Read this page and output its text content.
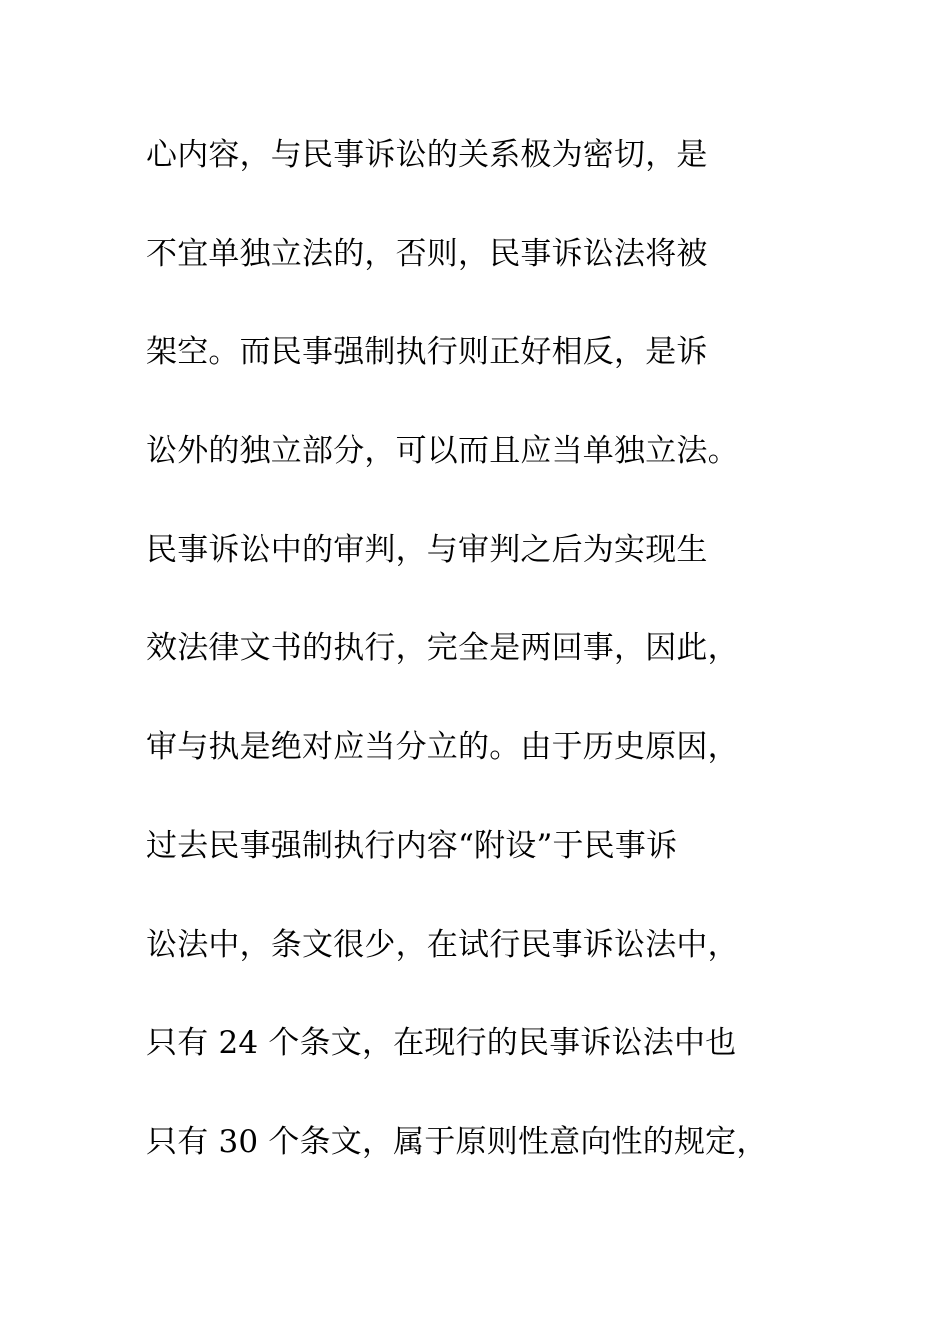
心内容，与民事诉讼的关系极为密切，是
不宜单独立法的，否则，民事诉讼法将被
架空。而民事强制执行则正好相反，是诉
讼外的独立部分，可以而且应当单独立法。
民事诉讼中的审判，与审判之后为实现生
效法律文书的执行，完全是两回事，因此，
审与执是绝对应当分立的。由于历史原因，
过去民事强制执行内容“附设”于民事诉
讼法中，条文很少，在试行民事诉讼法中，
只有 24 个条文，在现行的民事诉讼法中也
只有 30 个条文，属于原则性意向性的规定，
